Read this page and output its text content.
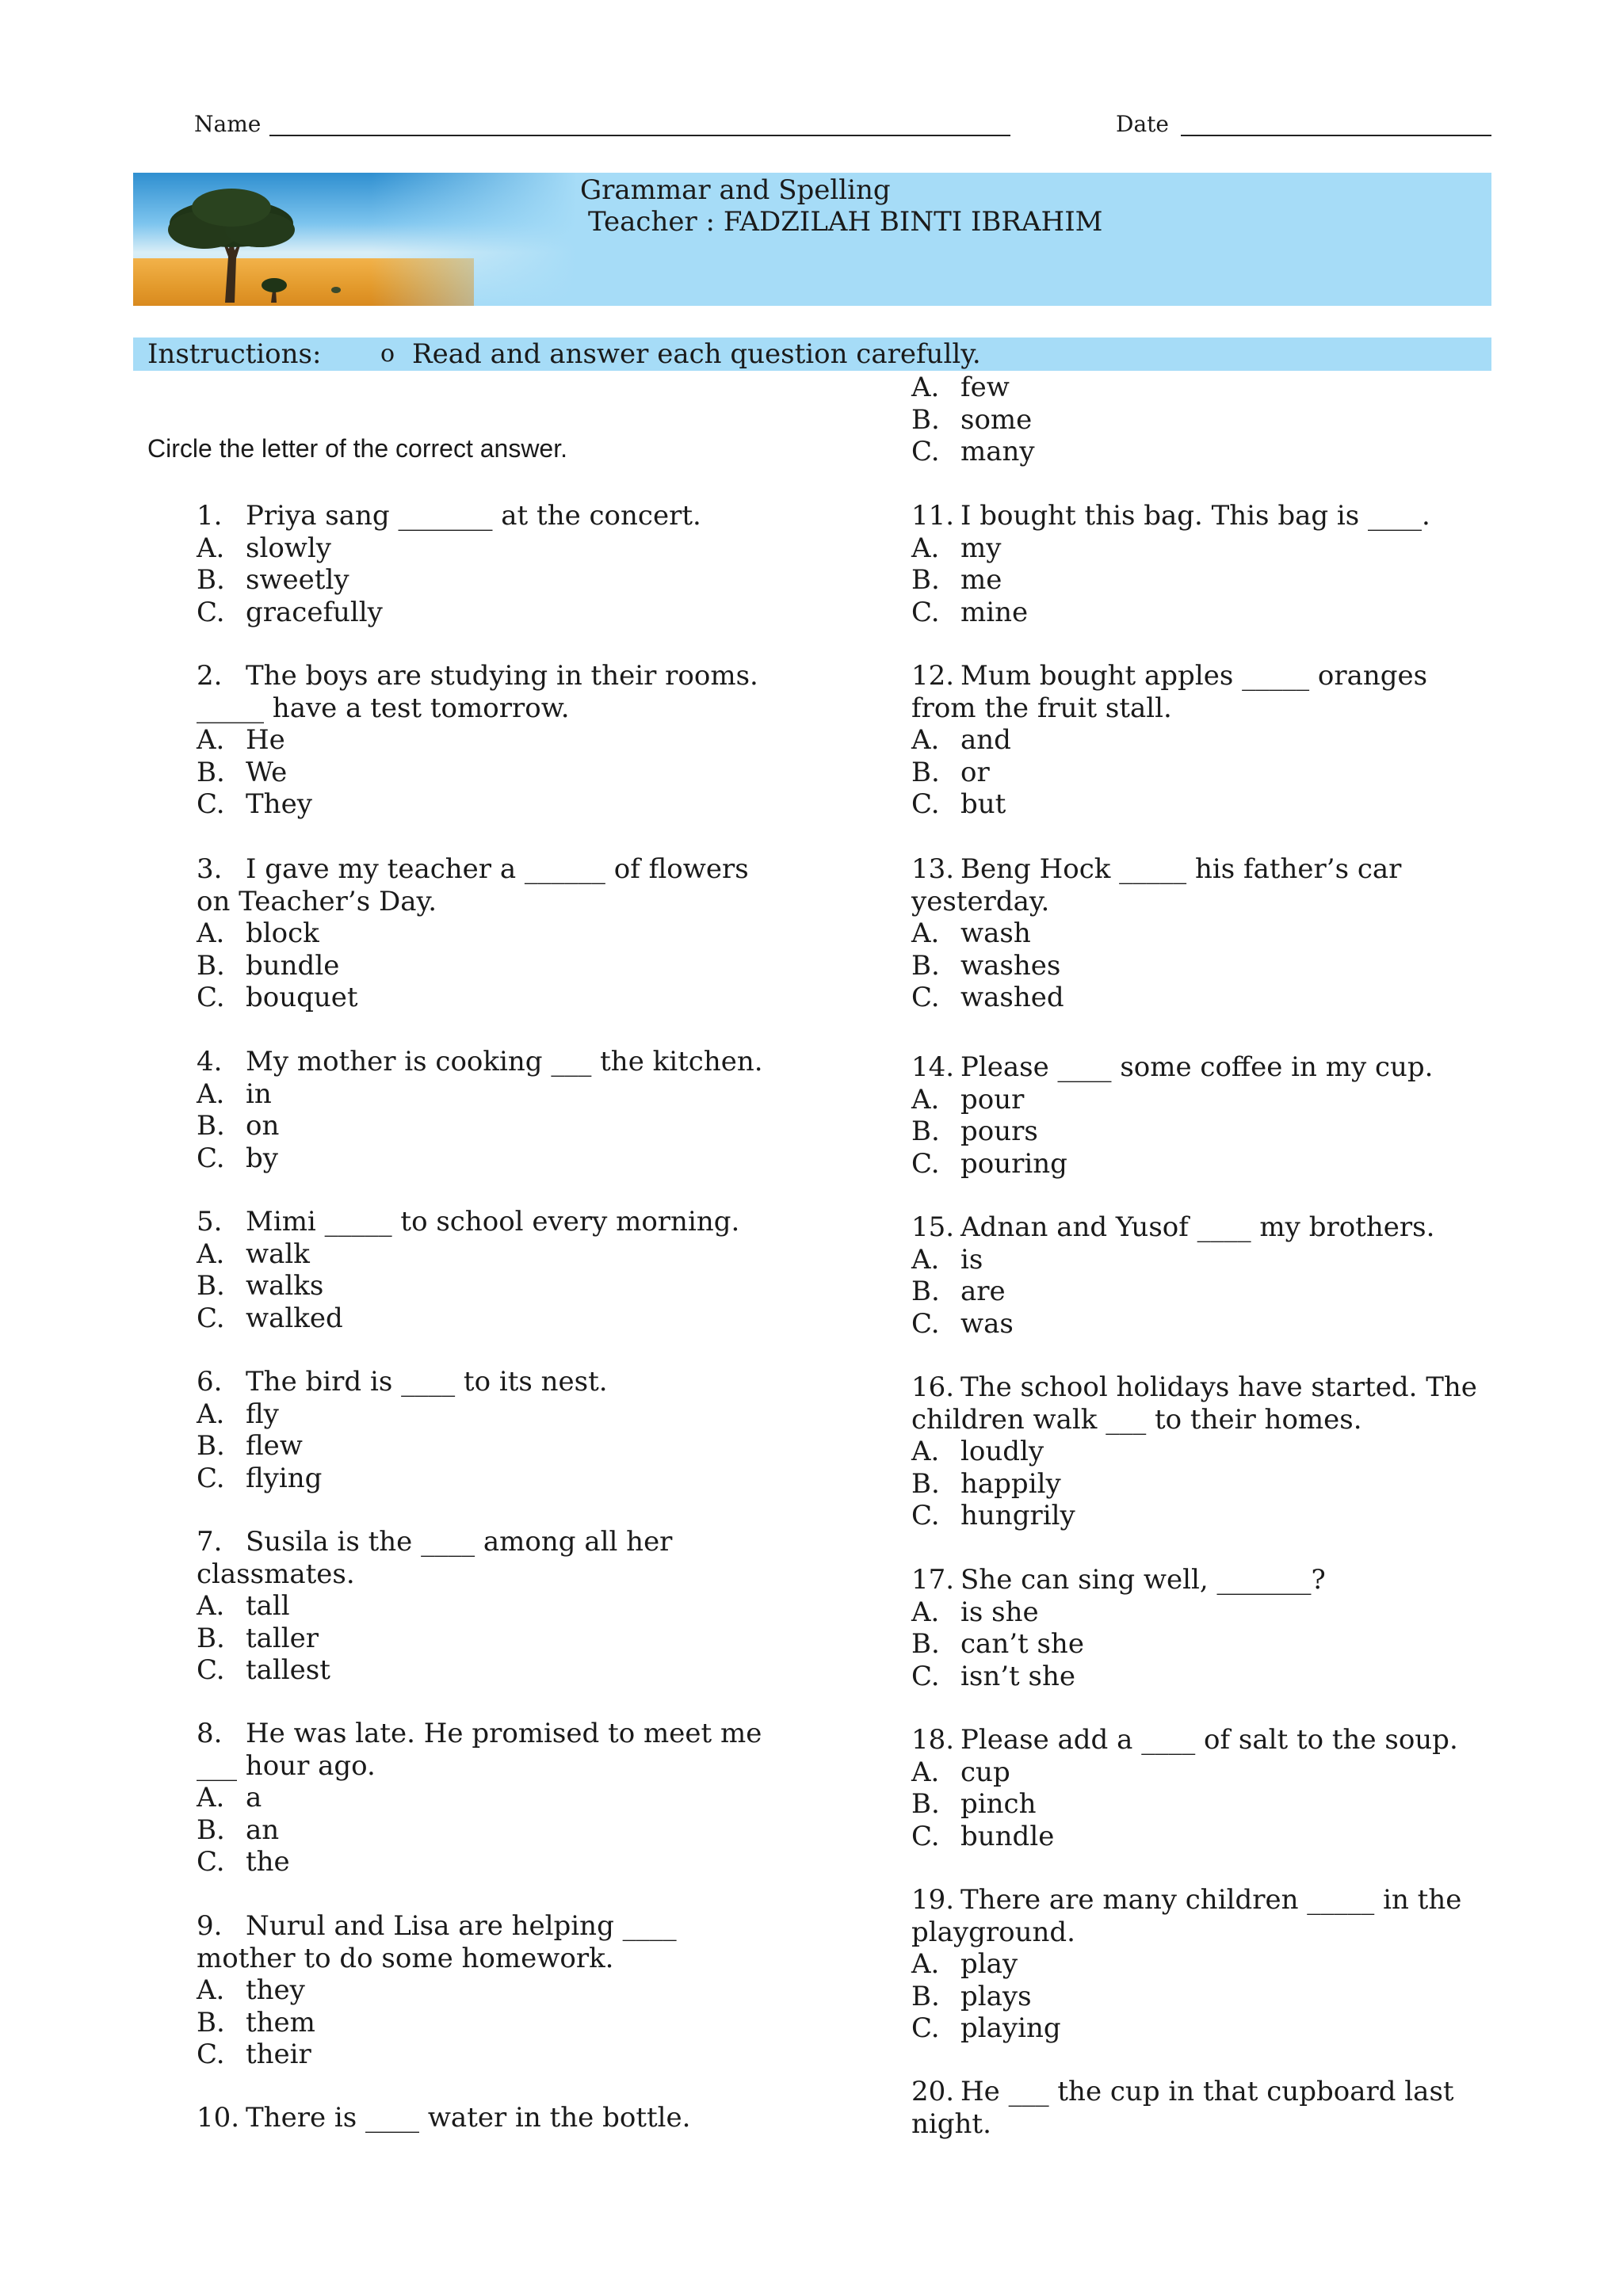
Name	Date
Grammar and Spelling
Teacher : FADZILAH BINTI IBRAHIM
Instructions: o Read and answer each question carefully.
Circle the letter of the correct answer.
A. few
B. some
C. many
1. Priya sang _______ at the concert.
A. slowly
B. sweetly
C. gracefully
2. The boys are studying in their rooms.
_____ have a test tomorrow.
A. He
B. We
C. They
3. I gave my teacher a ______ of flowers
on Teacher’s Day.
A. block
B. bundle
C. bouquet
4. My mother is cooking ___ the kitchen.
A. in
B. on
C. by
5. Mimi _____ to school every morning.
A. walk
B. walks
C. walked
6. The bird is ____ to its nest.
A. fly
B. flew
C. flying
7. Susila is the ____ among all her
classmates.
A. tall
B. taller
C. tallest
8. He was late. He promised to meet me
___ hour ago.
A. a
B. an
C. the
9. Nurul and Lisa are helping ____
mother to do some homework.
A. they
B. them
C. their
10. There is ____ water in the bottle.
11. I bought this bag. This bag is ____.
A. my
B. me
C. mine
12. Mum bought apples _____ oranges
from the fruit stall.
A. and
B. or
C. but
13. Beng Hock _____ his father’s car
yesterday.
A. wash
B. washes
C. washed
14. Please ____ some coffee in my cup.
A. pour
B. pours
C. pouring
15. Adnan and Yusof ____ my brothers.
A. is
B. are
C. was
16. The school holidays have started. The
children walk ___ to their homes.
A. loudly
B. happily
C. hungrily
17. She can sing well, _______?
A. is she
B. can’t she
C. isn’t she
18. Please add a ____ of salt to the soup.
A. cup
B. pinch
C. bundle
19. There are many children _____ in the
playground.
A. play
B. plays
C. playing
20. He ___ the cup in that cupboard last
night.
